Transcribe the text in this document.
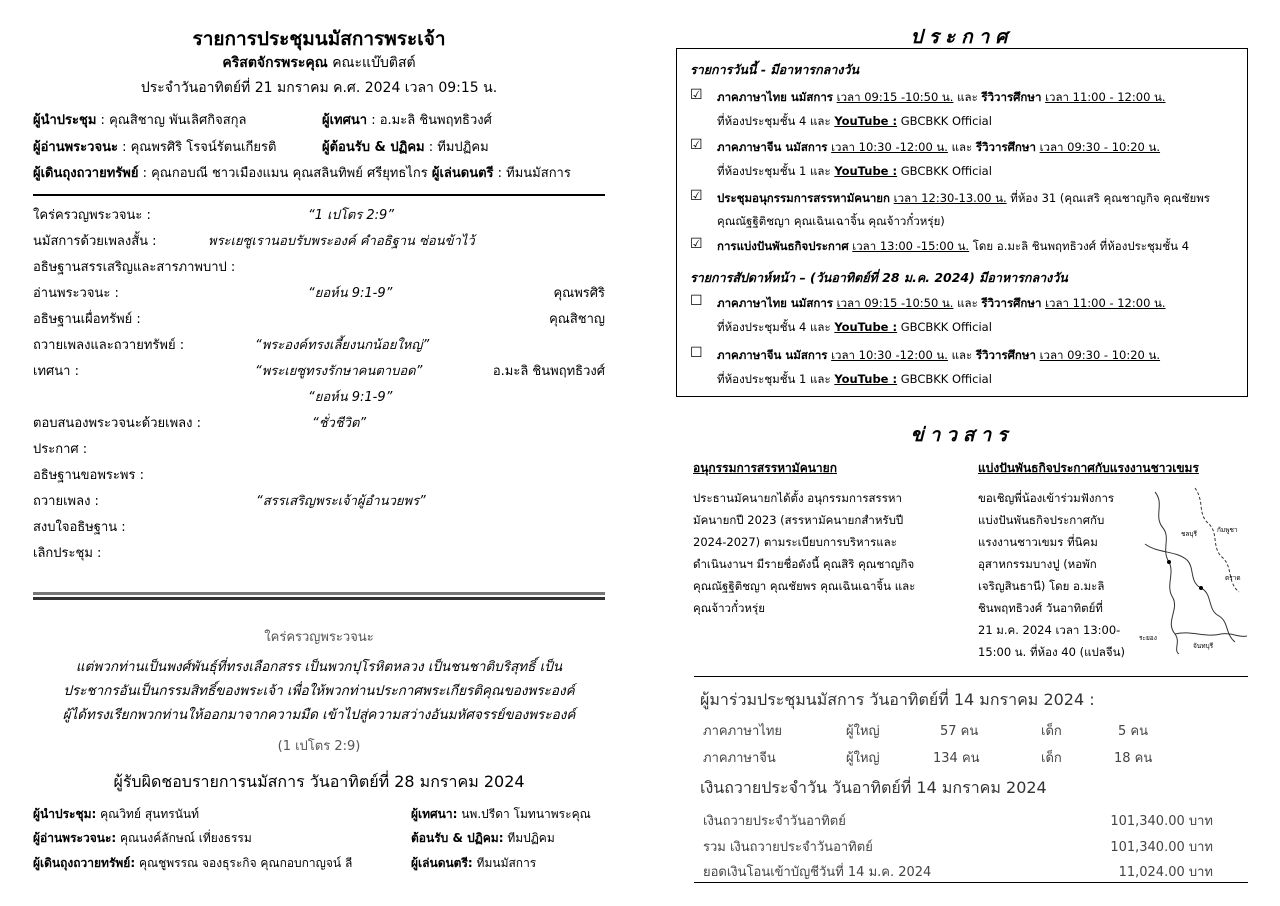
รายการประชุมนมัสการพระเจ้า
คริสตจักรพระคุณ คณะแบ๊บติสต์
ประจำวันอาทิตย์ที่ 21 มกราคม ค.ศ. 2024 เวลา 09:15 น.
ผู้นำประชุม : คุณสิชาญ พันเลิศกิจสกุล	ผู้เทศนา : อ.มะลิ ชินพฤทธิวงศ์
ผู้อ่านพระวจนะ : คุณพรศิริ โรจน์รัตนเกียรติ	ผู้ต้อนรับ & ปฏิคม : ทีมปฏิคม
ผู้เดินถุงถวายทรัพย์ : คุณกอบณี ชาวเมืองแมน คุณสลินทิพย์ ศรียุทธไกร ผู้เล่นดนตรี : ทีมนมัสการ
ใคร่ครวญพระวจนะ :	“1 เปโตร 2:9”
นมัสการด้วยเพลงสั้น :	พระเยซูเรานอบรับพระองค์ คำอธิฐาน ซ่อนข้าไว้
อธิษฐานสรรเสริญและสารภาพบาป :
อ่านพระวจนะ :	“ยอห์น 9:1-9”	คุณพรศิริ
อธิษฐานเผื่อทรัพย์ :	คุณสิชาญ
ถวายเพลงและถวายทรัพย์ :	“พระองค์ทรงเลี้ยงนกน้อยใหญ่”
เทศนา :	“พระเยซูทรงรักษาคนตาบอด”	อ.มะลิ ชินพฤทธิวงศ์
“ยอห์น 9:1-9”
ตอบสนองพระวจนะด้วยเพลง :	“ชั่วชีวิต”
ประกาศ :
อธิษฐานขอพระพร :
ถวายเพลง :	“สรรเสริญพระเจ้าผู้อำนวยพร”
สงบใจอธิษฐาน :
เลิกประชุม :
ใคร่ครวญพระวจนะ
แต่พวกท่านเป็นพงศ์พันธุ์ที่ทรงเลือกสรร เป็นพวกปุโรหิตหลวง เป็นชนชาติบริสุทธิ์ เป็น
ประชากรอันเป็นกรรมสิทธิ์ของพระเจ้า เพื่อให้พวกท่านประกาศพระเกียรติคุณของพระองค์
ผู้ได้ทรงเรียกพวกท่านให้ออกมาจากความมืด เข้าไปสู่ความสว่างอันมหัศจรรย์ของพระองค์
(1 เปโตร 2:9)
ผู้รับผิดชอบรายการนมัสการ วันอาทิตย์ที่ 28 มกราคม 2024
ผู้นำประชุม: คุณวิทย์ สุนทรนันท์	ผู้เทศนา: นพ.ปรีดา โมทนาพระคุณ
ผู้อ่านพระวจนะ: คุณนงค์ลักษณ์ เที่ยงธรรม	ต้อนรับ & ปฏิคม: ทีมปฏิคม
ผู้เดินถุงถวายทรัพย์: คุณชูพรรณ จองธุระกิจ คุณกอบกาญจน์ ลี	ผู้เล่นดนตรี: ทีมนมัสการ
ประกาศ
รายการวันนี้ - มีอาหารกลางวัน
☑ ภาคภาษาไทย นมัสการ เวลา 09:15 -10:50 น. และ รีวิวารศึกษา เวลา 11:00 - 12:00 น.
ที่ห้องประชุมชั้น 4 และ YouTube : GBCBKK Official
☑ ภาคภาษาจีน นมัสการ เวลา 10:30 -12:00 น. และ รีวิวารศึกษา เวลา 09:30 - 10:20 น.
ที่ห้องประชุมชั้น 1 และ YouTube : GBCBKK Official
☑ ประชุมอนุกรรมการสรรหามัคนายก เวลา 12:30-13.00 น. ที่ห้อง 31 (คุณเสริ คุณชาญกิจ คุณชัยพร
คุณณัฐฐิติชญา คุณเฉินเฉาจิ้น คุณจ้าวกั๋วหรุ่ย)
☑ การแบ่งปันพันธกิจประกาศ เวลา 13:00 -15:00 น. โดย อ.มะลิ ชินพฤทธิวงศ์ ที่ห้องประชุมชั้น 4
รายการสัปดาห์หน้า – (วันอาทิตย์ที่ 28 ม.ค. 2024) มีอาหารกลางวัน
☐ ภาคภาษาไทย นมัสการ เวลา 09:15 -10:50 น. และ รีวิวารศึกษา เวลา 11:00 - 12:00 น.
ที่ห้องประชุมชั้น 4 และ YouTube : GBCBKK Official
☐ ภาคภาษาจีน นมัสการ เวลา 10:30 -12:00 น. และ รีวิวารศึกษา เวลา 09:30 - 10:20 น.
ที่ห้องประชุมชั้น 1 และ YouTube : GBCBKK Official
ข่าวสาร
อนุกรรมการสรรหามัคนายก
ประธานมัคนายกได้ตั้ง อนุกรรมการสรรหา
มัคนายกปี 2023 (สรรหามัคนายกสำหรับปี
2024-2027) ตามระเบียบการบริหารและ
ดำเนินงานฯ มีรายชื่อดังนี้ คุณสิริ คุณชาญกิจ
คุณณัฐฐิติชญา คุณชัยพร คุณเฉินเฉาจิ้น และ
คุณจ้าวกั๋วหรุ่ย
แบ่งปันพันธกิจประกาศกับแรงงานชาวเขมร
ขอเชิญพี่น้องเข้าร่วมฟังการ
แบ่งปันพันธกิจประกาศกับ
แรงงานชาวเขมร ที่นิคม
อุสาหกรรมบางปู (หอพัก
เจริญสินธานี) โดย อ.มะลิ
ชินพฤทธิวงศ์ วันอาทิตย์ที่
21 ม.ค. 2024 เวลา 13:00-
15:00 น. ที่ห้อง 40 (แปลจีน)
ชลบุรี	กัมพูชา
ตราด
ระยอง
จันทบุรี
ผู้มาร่วมประชุมนมัสการ วันอาทิตย์ที่ 14 มกราคม 2024 :
ภาคภาษาไทย	ผู้ใหญ่	57 คน	เด็ก	5 คน
ภาคภาษาจีน	ผู้ใหญ่	134 คน	เด็ก	18 คน
เงินถวายประจำวัน วันอาทิตย์ที่ 14 มกราคม 2024
เงินถวายประจำวันอาทิตย์	101,340.00 บาท
รวม เงินถวายประจำวันอาทิตย์	101,340.00 บาท
ยอดเงินโอนเข้าบัญชีวันที่ 14 ม.ค. 2024	11,024.00 บาท
